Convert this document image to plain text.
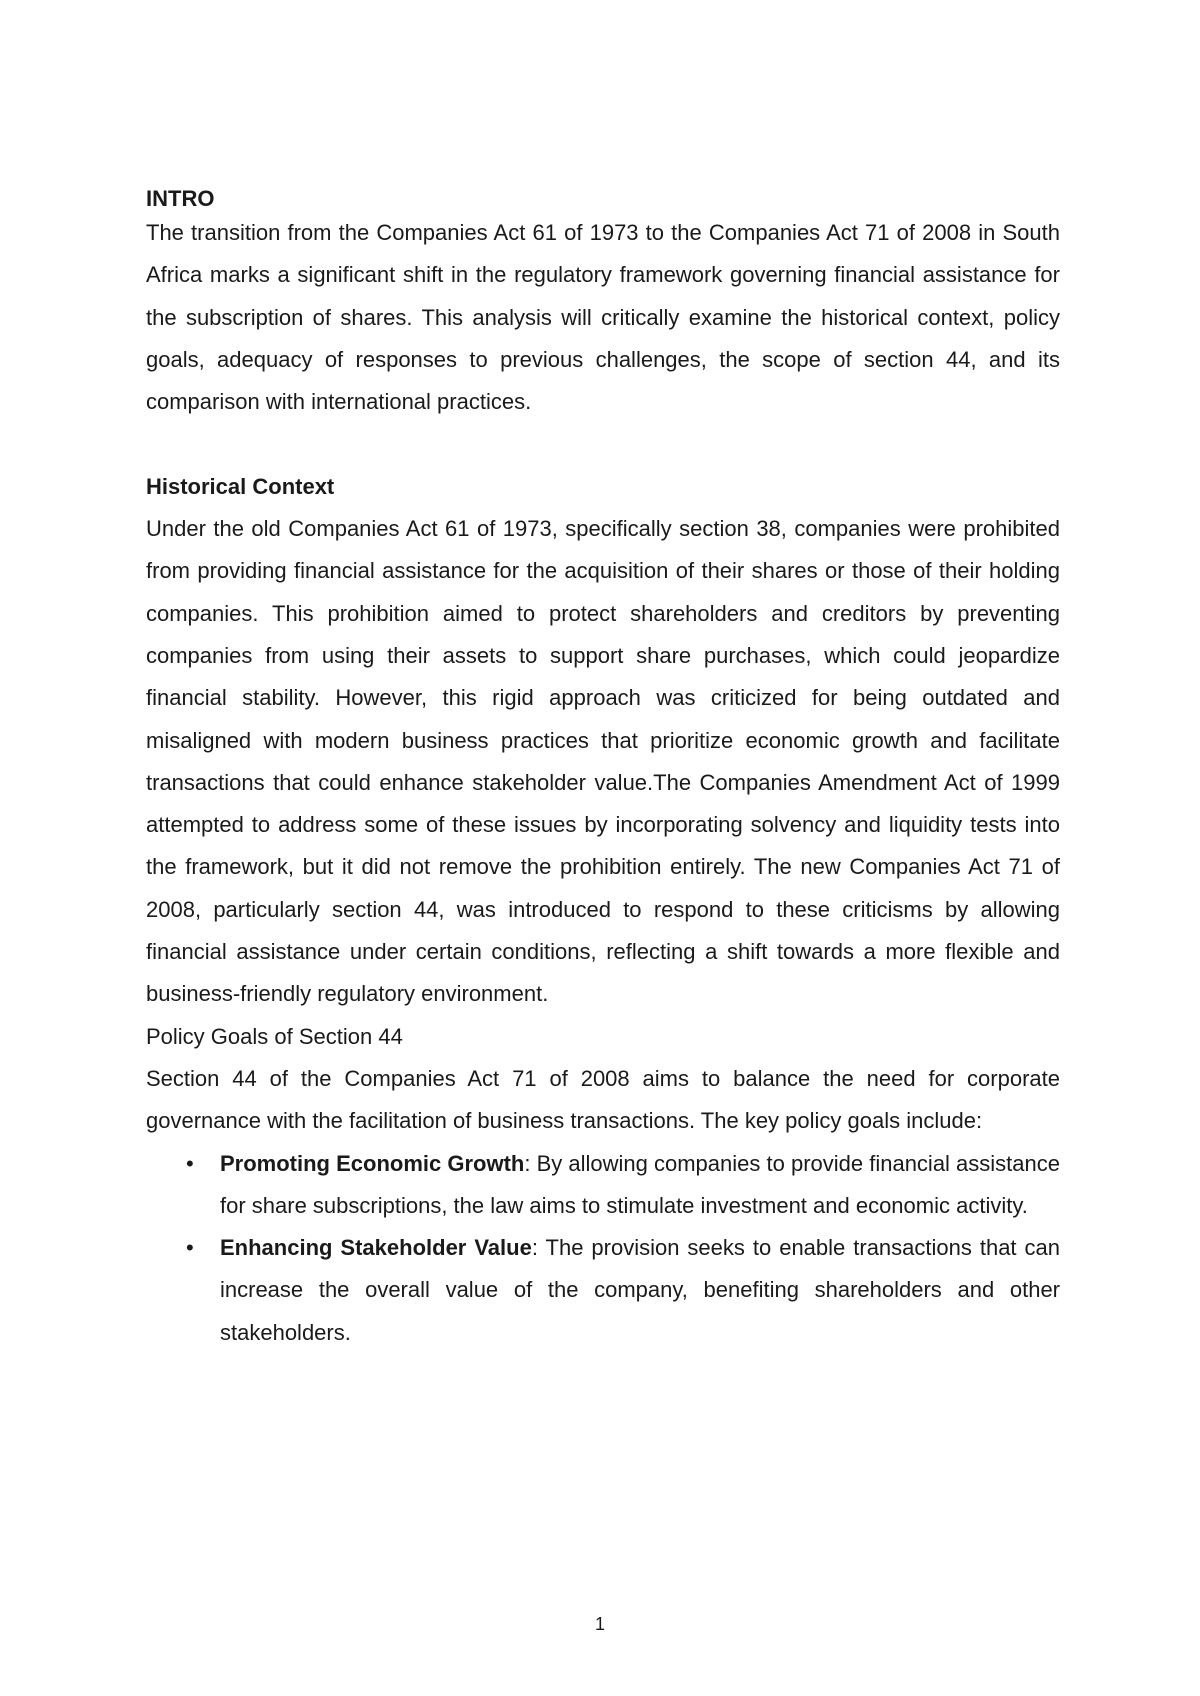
INTRO

The transition from the Companies Act 61 of 1973 to the Companies Act 71 of 2008 in South Africa marks a significant shift in the regulatory framework governing financial assistance for the subscription of shares. This analysis will critically examine the historical context, policy goals, adequacy of responses to previous challenges, the scope of section 44, and its comparison with international practices.

Historical Context

Under the old Companies Act 61 of 1973, specifically section 38, companies were prohibited from providing financial assistance for the acquisition of their shares or those of their holding companies. This prohibition aimed to protect shareholders and creditors by preventing companies from using their assets to support share purchases, which could jeopardize financial stability. However, this rigid approach was criticized for being outdated and misaligned with modern business practices that prioritize economic growth and facilitate transactions that could enhance stakeholder value.The Companies Amendment Act of 1999 attempted to address some of these issues by incorporating solvency and liquidity tests into the framework, but it did not remove the prohibition entirely. The new Companies Act 71 of 2008, particularly section 44, was introduced to respond to these criticisms by allowing financial assistance under certain conditions, reflecting a shift towards a more flexible and business-friendly regulatory environment.

Policy Goals of Section 44

Section 44 of the Companies Act 71 of 2008 aims to balance the need for corporate governance with the facilitation of business transactions. The key policy goals include:

• Promoting Economic Growth: By allowing companies to provide financial assistance for share subscriptions, the law aims to stimulate investment and economic activity.
• Enhancing Stakeholder Value: The provision seeks to enable transactions that can increase the overall value of the company, benefiting shareholders and other stakeholders.
1
